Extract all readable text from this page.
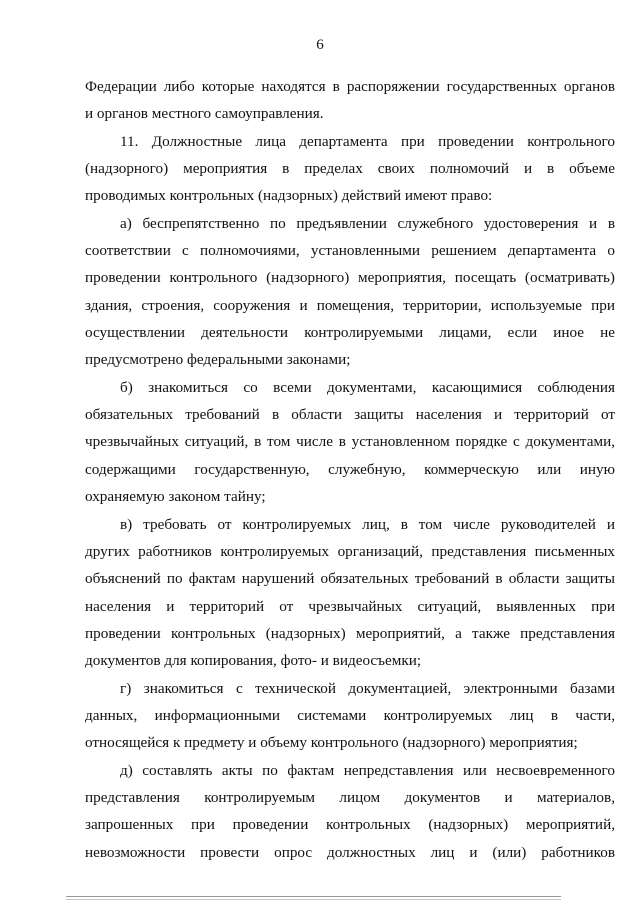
6
Федерации либо которые находятся в распоряжении государственных органов
и органов местного самоуправления.
11. Должностные лица департамента при проведении контрольного
(надзорного) мероприятия в пределах своих полномочий и в объеме
проводимых контрольных (надзорных) действий имеют право:
а) беспрепятственно по предъявлении служебного удостоверения и в
соответствии с полномочиями, установленными решением департамента о
проведении контрольного (надзорного) мероприятия, посещать (осматривать)
здания, строения, сооружения и помещения, территории, используемые при
осуществлении деятельности контролируемыми лицами, если иное не
предусмотрено федеральными законами;
б) знакомиться со всеми документами, касающимися соблюдения
обязательных требований в области защиты населения и территорий от
чрезвычайных ситуаций, в том числе в установленном порядке с документами,
содержащими государственную, служебную, коммерческую или иную
охраняемую законом тайну;
в) требовать от контролируемых лиц, в том числе руководителей и
других работников контролируемых организаций, представления письменных
объяснений по фактам нарушений обязательных требований в области защиты
населения и территорий от чрезвычайных ситуаций, выявленных при
проведении контрольных (надзорных) мероприятий, а также представления
документов для копирования, фото- и видеосъемки;
г) знакомиться с технической документацией, электронными базами
данных, информационными системами контролируемых лиц в части,
относящейся к предмету и объему контрольного (надзорного) мероприятия;
д) составлять акты по фактам непредставления или несвоевременного
представления контролируемым лицом документов и материалов,
запрошенных при проведении контрольных (надзорных) мероприятий,
невозможности провести опрос должностных лиц и (или) работников
